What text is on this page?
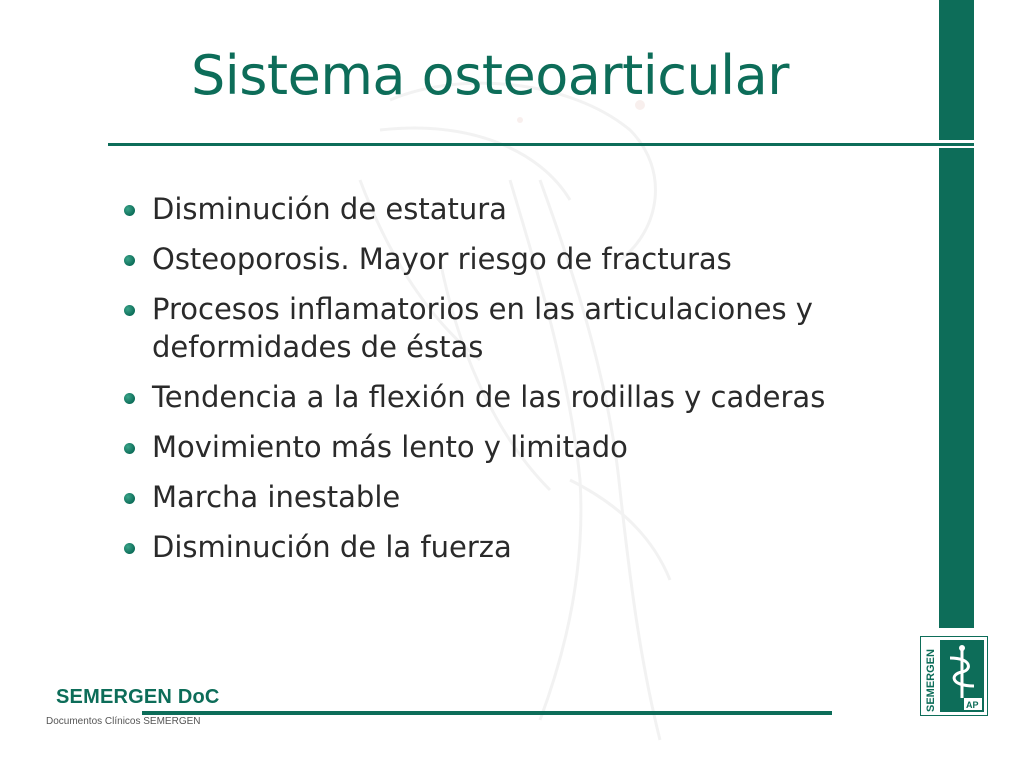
Sistema osteoarticular
Disminución de estatura
Osteoporosis. Mayor riesgo de fracturas
Procesos inflamatorios en las articulaciones y deformidades de éstas
Tendencia a la flexión de las rodillas y caderas
Movimiento más lento y limitado
Marcha inestable
Disminución de la fuerza
SEMERGEN DoC
Documentos Clínicos SEMERGEN
SEMERGEN	AP
